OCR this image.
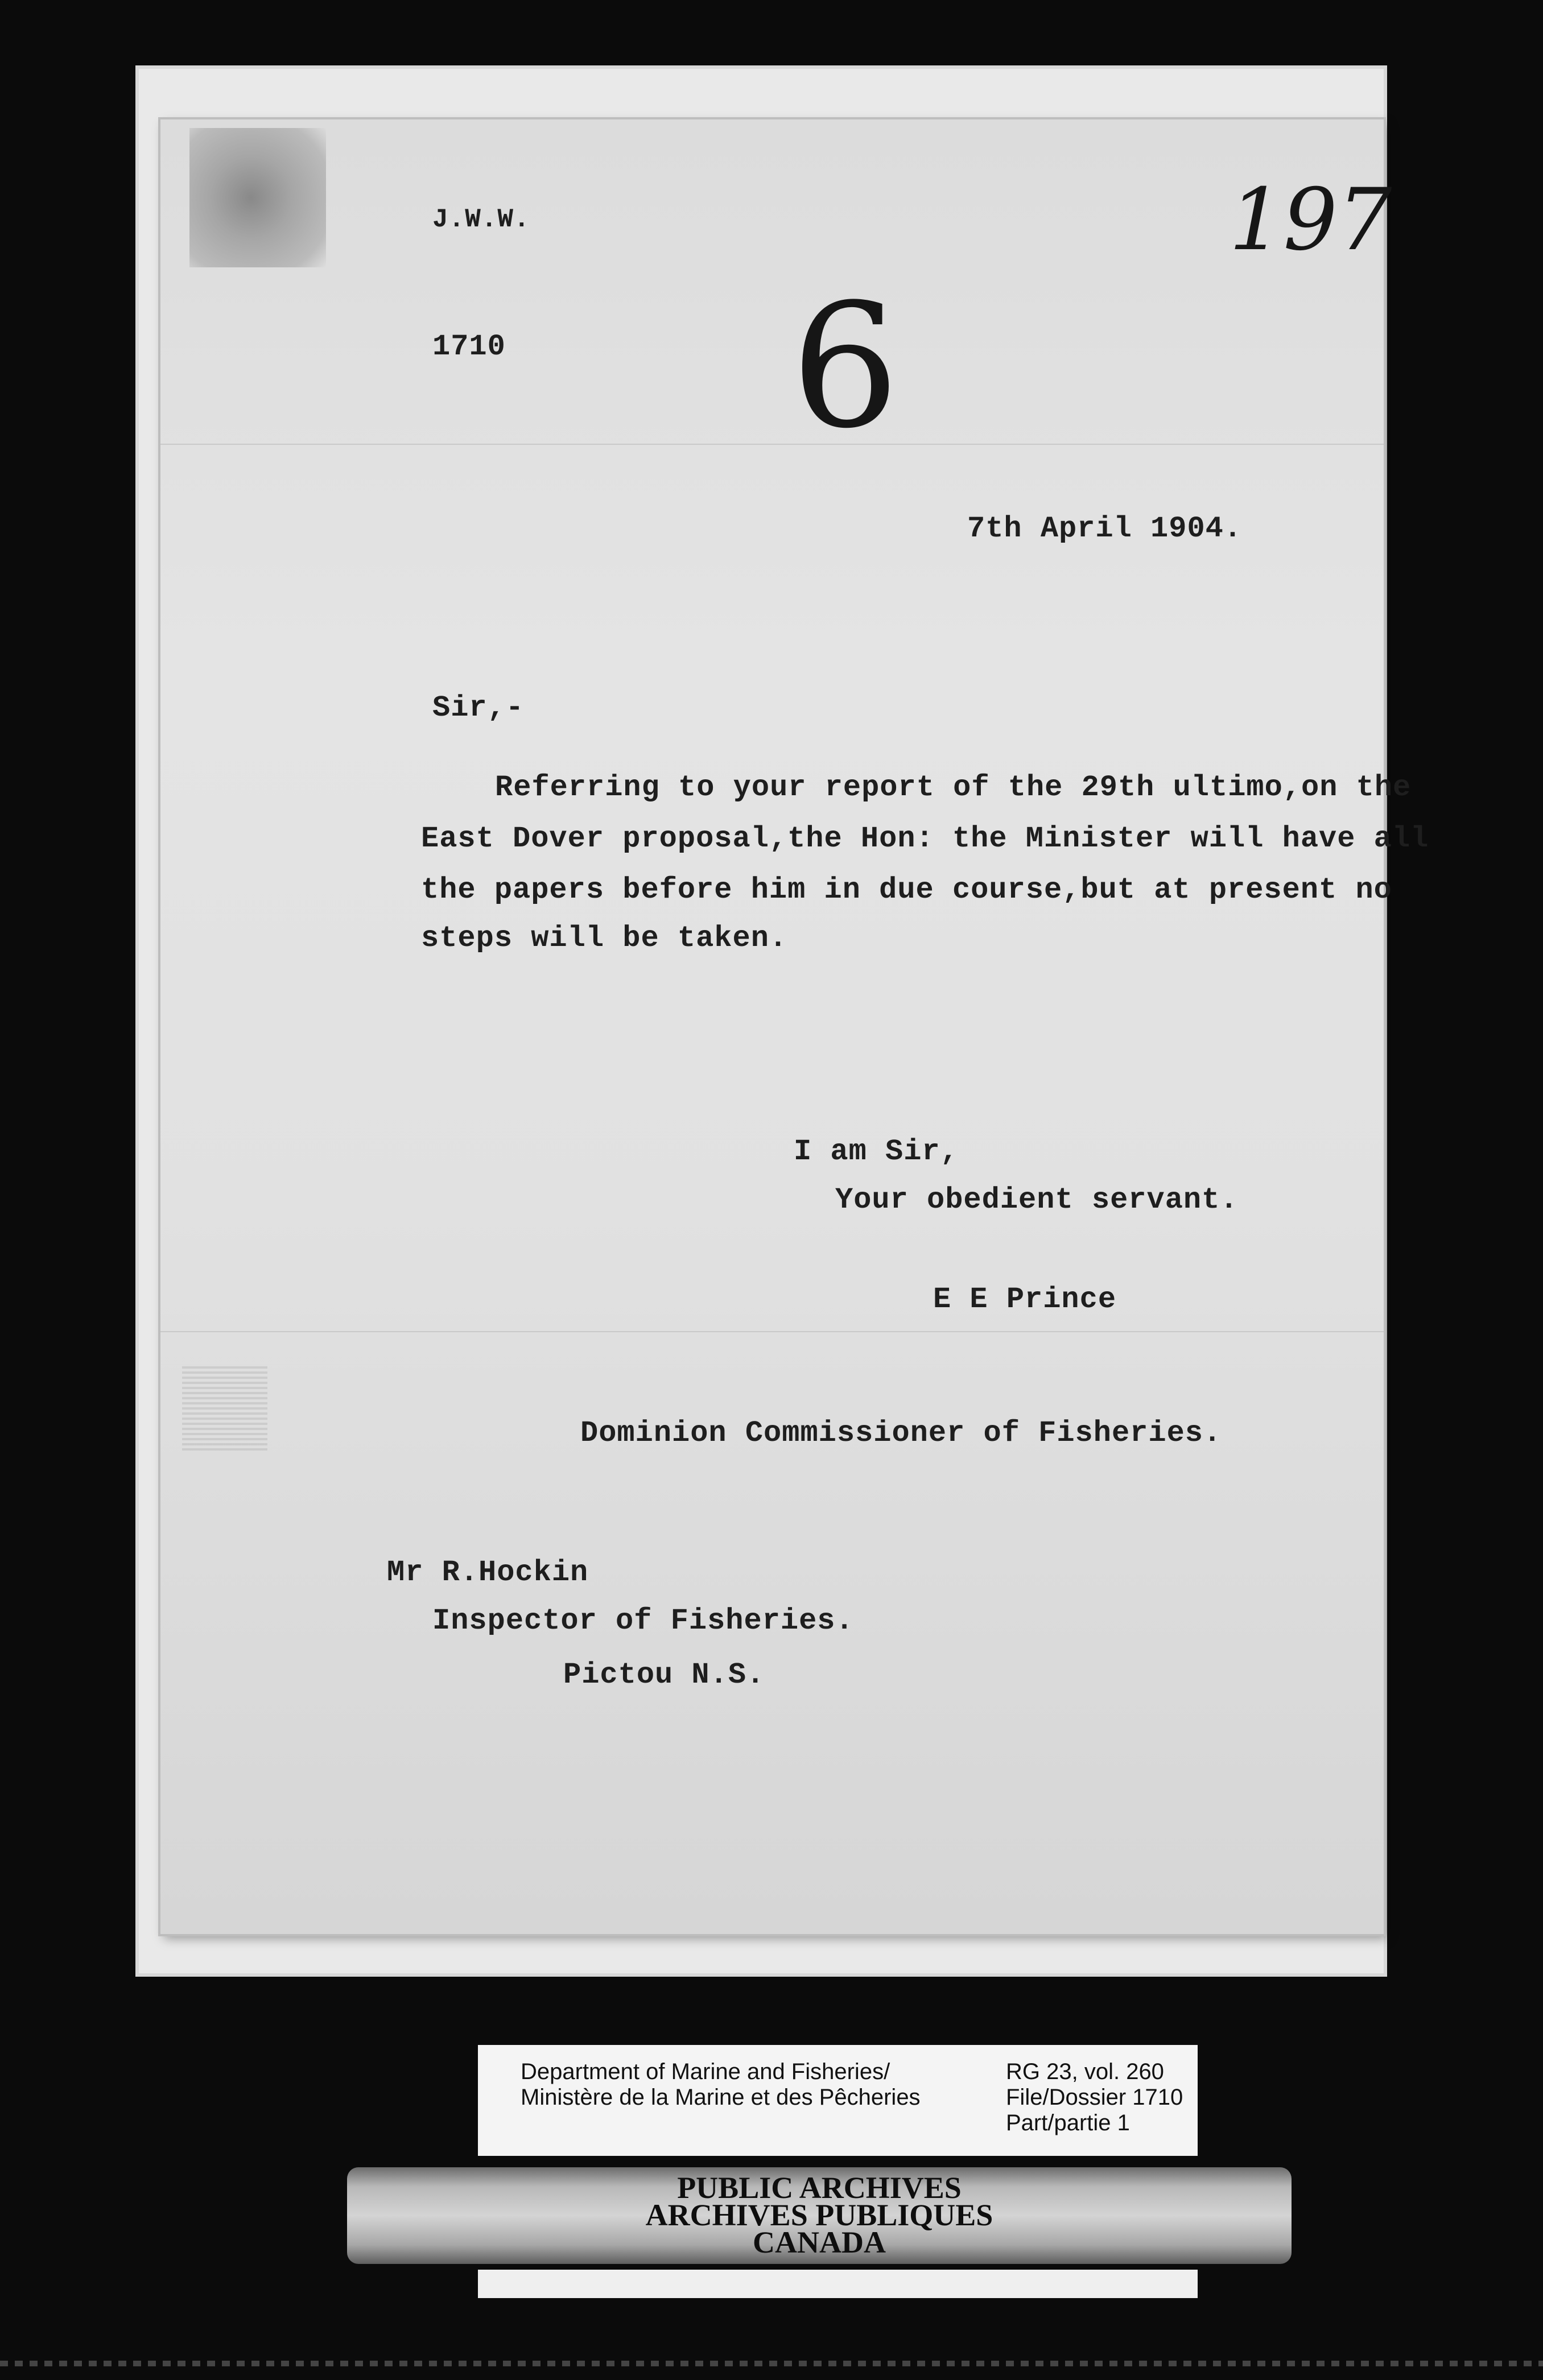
J.W.W.
1710
197
6
7th April 1904.
Sir,-
Referring to your report of the 29th ultimo,on the
East Dover proposal,the Hon: the Minister will have all
the papers before him in due course,but at present no
steps will be taken.
I am Sir,
Your obedient servant.
E E Prince
Dominion Commissioner of Fisheries.
Mr R.Hockin
Inspector of Fisheries.
Pictou N.S.
Department of Marine and Fisheries/
Ministère de la Marine et des Pêcheries
RG 23, vol. 260
File/Dossier 1710
Part/partie 1
PUBLIC ARCHIVES
ARCHIVES PUBLIQUES
CANADA
